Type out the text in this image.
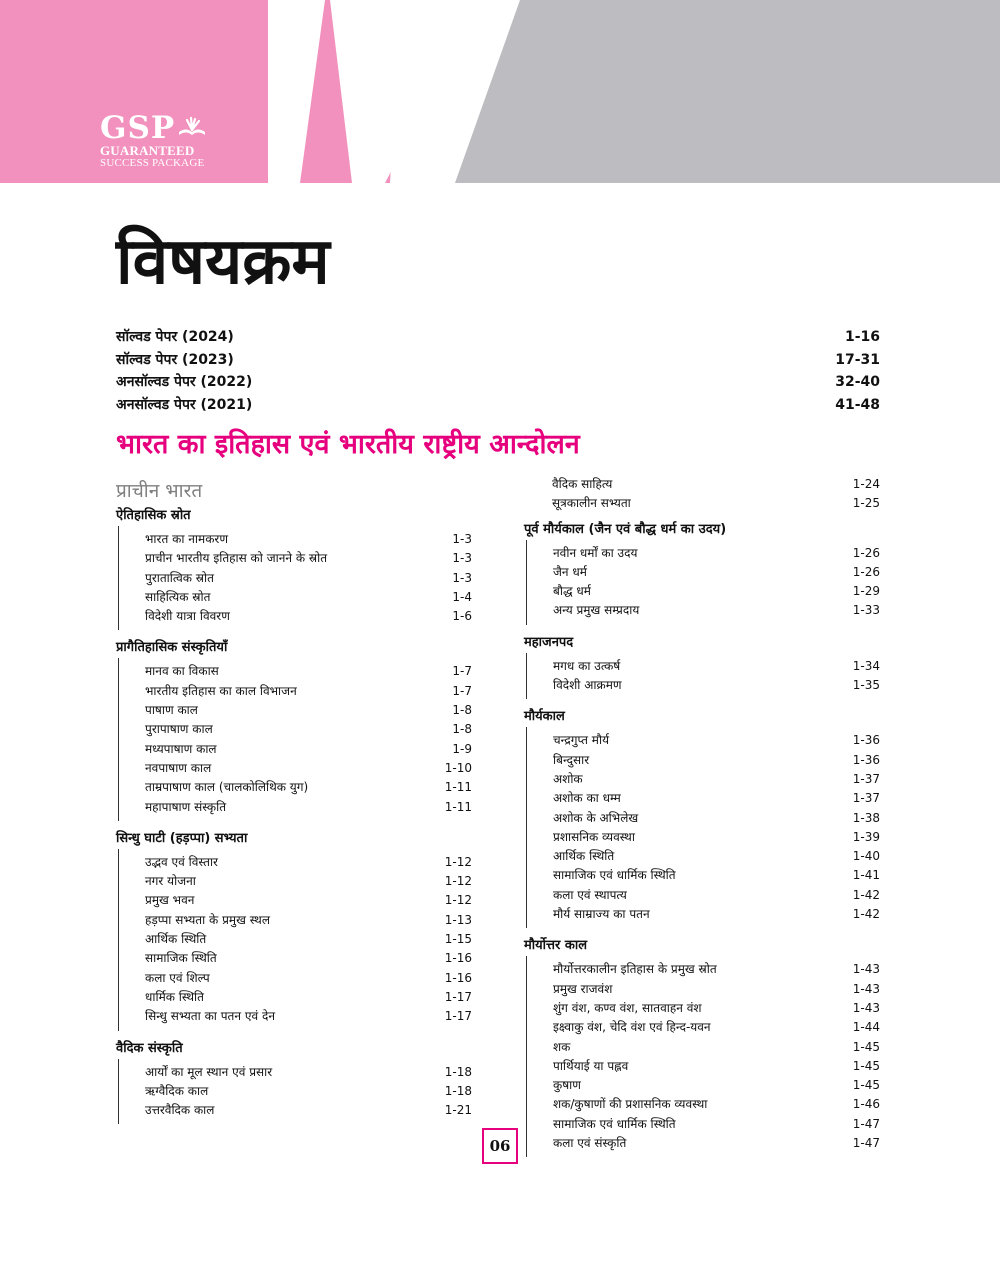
GSP
GUARANTEED
SUCCESS PACKAGE
विषयक्रम
सॉल्वड पेपर (2024)	1-16
सॉल्वड पेपर (2023)	17-31
अनसॉल्वड पेपर (2022)	32-40
अनसॉल्वड पेपर (2021)	41-48
भारत का इतिहास एवं भारतीय राष्ट्रीय आन्दोलन
प्राचीन भारत
ऐतिहासिक स्रोत
भारत का नामकरण	1-3
प्राचीन भारतीय इतिहास को जानने के स्रोत	1-3
पुरातात्विक स्रोत	1-3
साहित्यिक स्रोत	1-4
विदेशी यात्रा विवरण	1-6
प्रागैतिहासिक संस्कृतियाँ
मानव का विकास	1-7
भारतीय इतिहास का काल विभाजन	1-7
पाषाण काल	1-8
पुरापाषाण काल	1-8
मध्यपाषाण काल	1-9
नवपाषाण काल	1-10
ताम्रपाषाण काल (चालकोलिथिक युग)	1-11
महापाषाण संस्कृति	1-11
सिन्धु घाटी (हड़प्पा) सभ्यता
उद्भव एवं विस्तार	1-12
नगर योजना	1-12
प्रमुख भवन	1-12
हड़प्पा सभ्यता के प्रमुख स्थल	1-13
आर्थिक स्थिति	1-15
सामाजिक स्थिति	1-16
कला एवं शिल्प	1-16
धार्मिक स्थिति	1-17
सिन्धु सभ्यता का पतन एवं देन	1-17
वैदिक संस्कृति
आर्यों का मूल स्थान एवं प्रसार	1-18
ऋग्वैदिक काल	1-18
उत्तरवैदिक काल	1-21
वैदिक साहित्य	1-24
सूत्रकालीन सभ्यता	1-25
पूर्व मौर्यकाल (जैन एवं बौद्ध धर्म का उदय)
नवीन धर्मों का उदय	1-26
जैन धर्म	1-26
बौद्ध धर्म	1-29
अन्य प्रमुख सम्प्रदाय	1-33
महाजनपद
मगध का उत्कर्ष	1-34
विदेशी आक्रमण	1-35
मौर्यकाल
चन्द्रगुप्त मौर्य	1-36
बिन्दुसार	1-36
अशोक	1-37
अशोक का धम्म	1-37
अशोक के अभिलेख	1-38
प्रशासनिक व्यवस्था	1-39
आर्थिक स्थिति	1-40
सामाजिक एवं धार्मिक स्थिति	1-41
कला एवं स्थापत्य	1-42
मौर्य साम्राज्य का पतन	1-42
मौर्योत्तर काल
मौर्योत्तरकालीन इतिहास के प्रमुख स्रोत	1-43
प्रमुख राजवंश	1-43
शुंग वंश, कण्व वंश, सातवाहन वंश	1-43
इक्ष्वाकु वंश, चेदि वंश एवं हिन्द-यवन	1-44
शक	1-45
पार्थियाई या पह्लव	1-45
कुषाण	1-45
शक/कुषाणों की प्रशासनिक व्यवस्था	1-46
सामाजिक एवं धार्मिक स्थिति	1-47
कला एवं संस्कृति	1-47
06
